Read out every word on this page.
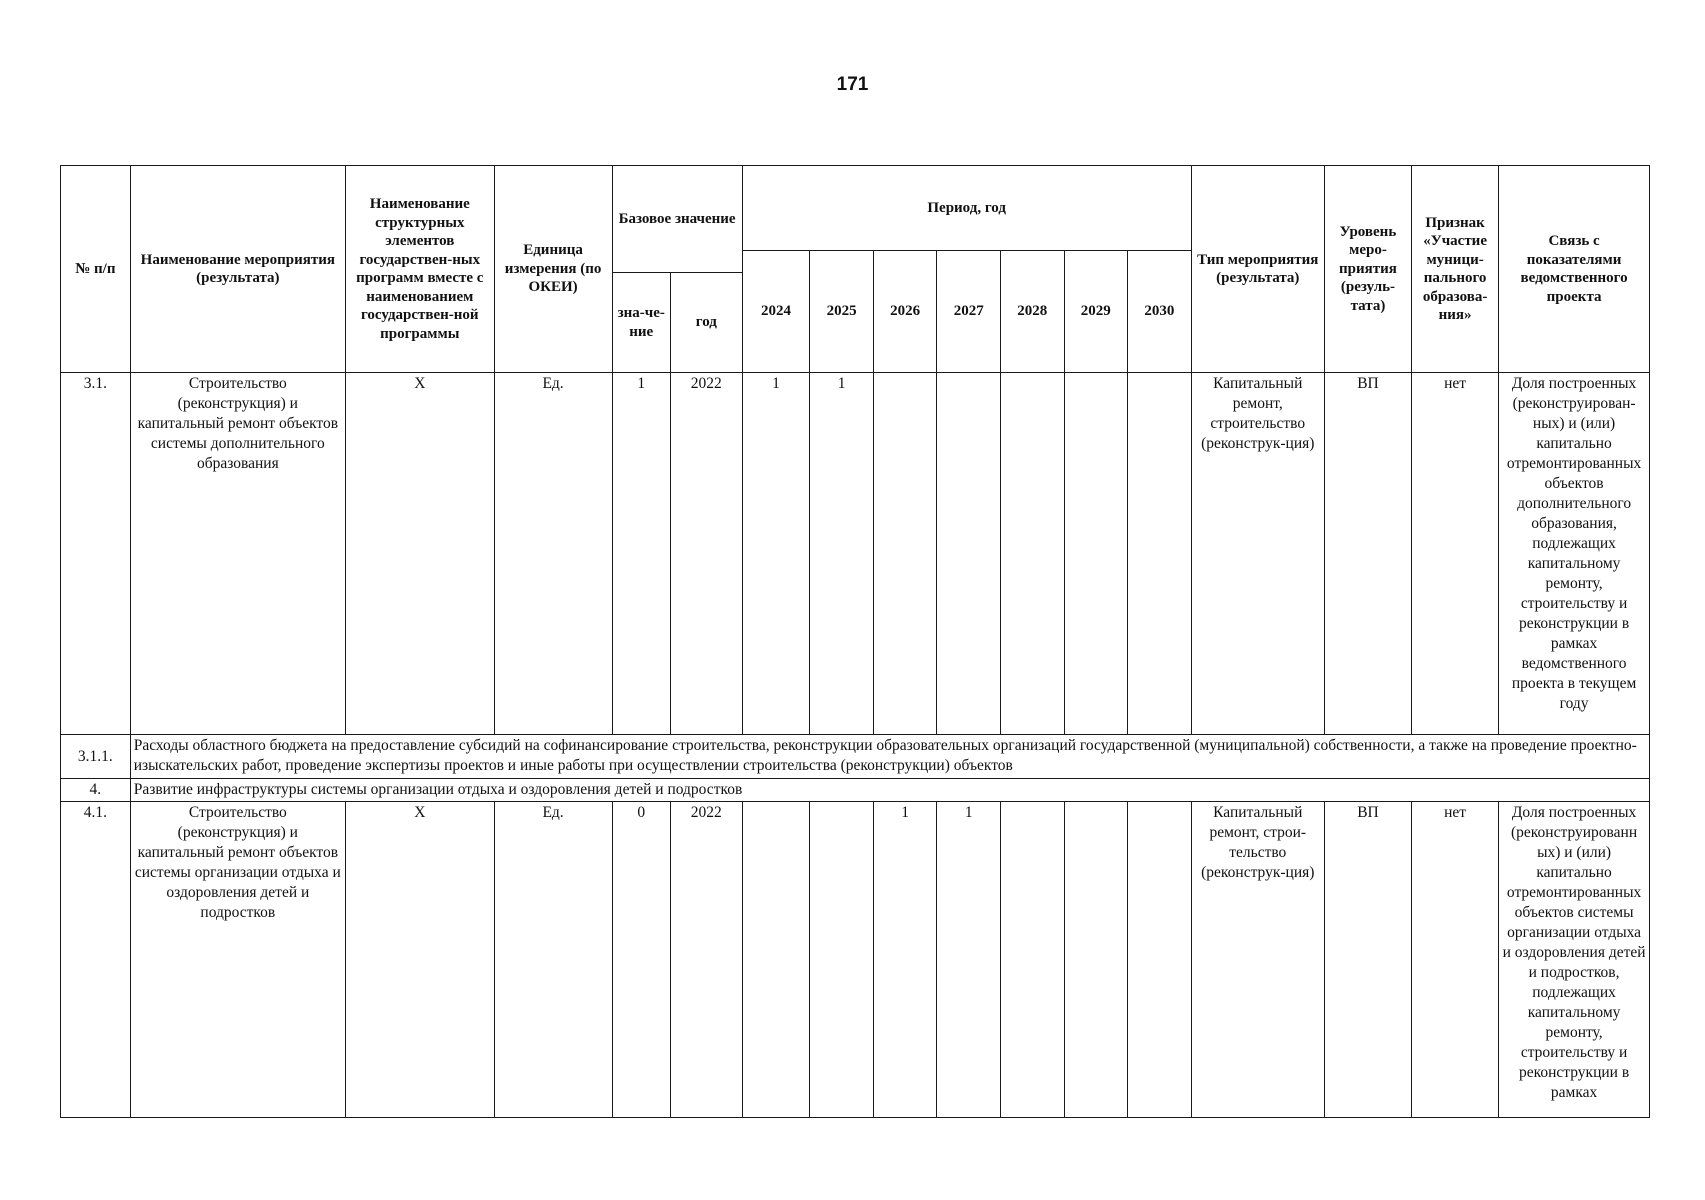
171
№ п/п	Наименование мероприятия (результата)	Наименование структурных элементов государствен-ных программ вместе с наименованием государствен-ной программы	Единица измерения (по ОКЕИ)	Базовое значение		Период, год							Тип мероприятия (результата)	Уровень меро-приятия (резуль-тата)	Признак «Участие муници-пального образова-ния»	Связь с показателями ведомственного проекта
						2024	2025	2026	2027	2028	2029	2030				
				зна-че-ние	год											
3.1.	Строительство (реконструкция) и капитальный ремонт объектов системы дополнительного образования	Х	Ед.	1	2022	1	1						Капитальный ремонт, строительство (реконструк-ция)	ВП	нет	Доля построенных (реконструирован-ных) и (или) капитально отремонтированных объектов дополнительного образования, подлежащих капитальному ремонту, строительству и реконструкции в рамках ведомственного проекта в текущем году
3.1.1.	Расходы областного бюджета на предоставление субсидий на софинансирование строительства, реконструкции образовательных организаций государственной (муниципальной) собственности, а также на проведение проектно-изыскательских работ, проведение экспертизы проектов и иные работы при осуществлении строительства (реконструкции) объектов															
4.	Развитие инфраструктуры системы организации отдыха и оздоровления детей и подростков															
4.1.	Строительство (реконструкция) и капитальный ремонт объектов системы организации отдыха и оздоровления детей и подростков	Х	Ед.	0	2022			1	1				Капитальный ремонт, строи-тельство (реконструк-ция)	ВП	нет	Доля построенных (реконструированн ых) и (или) капитально отремонтированных объектов системы организации отдыха и оздоровления детей и подростков, подлежащих капитальному ремонту, строительству и реконструкции в рамках
